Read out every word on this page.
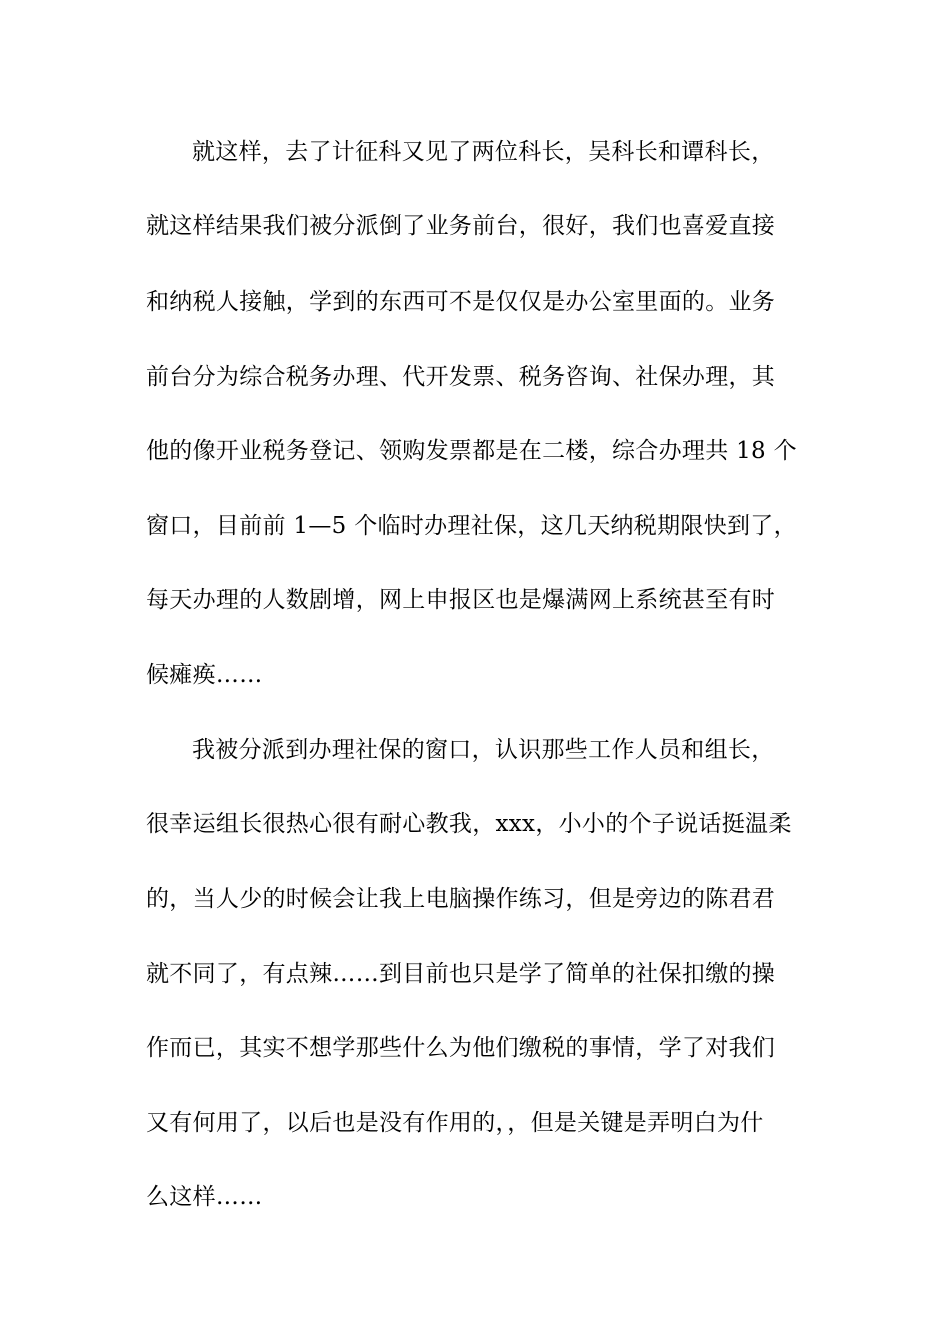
就这样，去了计征科又见了两位科长，吴科长和谭科长，
就这样结果我们被分派倒了业务前台，很好，我们也喜爱直接
和纳税人接触，学到的东西可不是仅仅是办公室里面的。业务
前台分为综合税务办理、代开发票、税务咨询、社保办理，其
他的像开业税务登记、领购发票都是在二楼，综合办理共 18 个
窗口，目前前 1—5 个临时办理社保，这几天纳税期限快到了，
每天办理的人数剧增，网上申报区也是爆满网上系统甚至有时
候瘫痪……
我被分派到办理社保的窗口，认识那些工作人员和组长，
很幸运组长很热心很有耐心教我，xxx，小小的个子说话挺温柔
的，当人少的时候会让我上电脑操作练习，但是旁边的陈君君
就不同了，有点辣……到目前也只是学了简单的社保扣缴的操
作而已，其实不想学那些什么为他们缴税的事情，学了对我们
又有何用了，以后也是没有作用的，，但是关键是弄明白为什
么这样……
